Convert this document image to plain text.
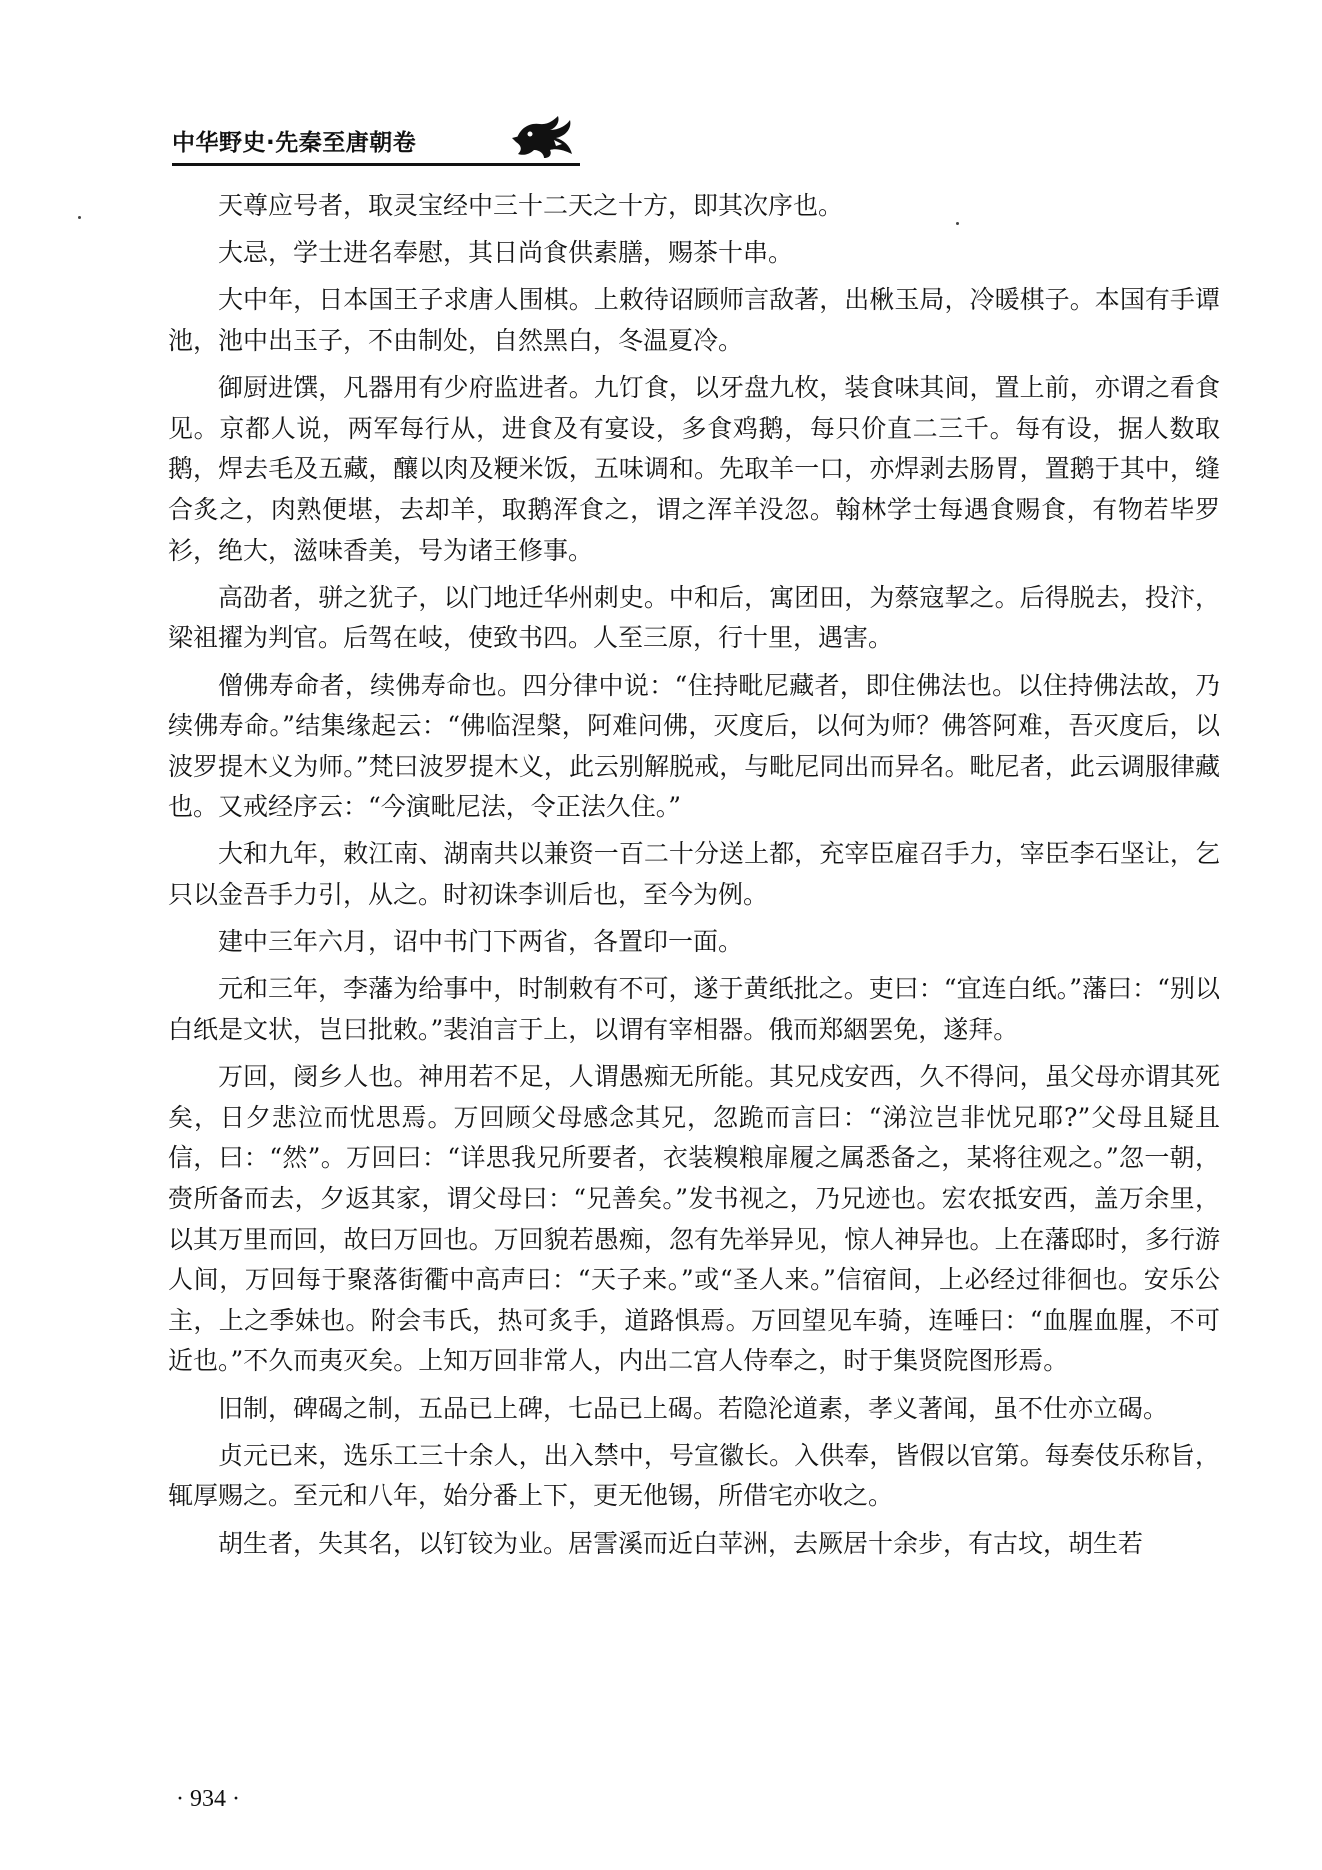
中华野史·先秦至唐朝卷

天尊应号者，取灵宝经中三十二天之十方，即其次序也。

大忌，学士进名奉慰，其日尚食供素膳，赐茶十串。

大中年，日本国王子求唐人围棋。上敕待诏顾师言敌著，出楸玉局，冷暖棋子。本国有手谭池，池中出玉子，不由制处，自然黑白，冬温夏冷。

御厨进馔，凡器用有少府监进者。九饤食，以牙盘九枚，装食味其间，置上前，亦谓之看食见。京都人说，两军每行从，进食及有宴设，多食鸡鹅，每只价直二三千。每有设，据人数取鹅，焊去毛及五藏，釀以肉及粳米饭，五味调和。先取羊一口，亦焊剥去肠胃，置鹅于其中，缝合炙之，肉熟便堪，去却羊，取鹅浑食之，谓之浑羊没忽。翰林学士每遇食赐食，有物若毕罗衫，绝大，滋味香美，号为诸王修事。

高劭者，骈之犹子，以门地迁华州刺史。中和后，寓团田，为蔡寇挈之。后得脱去，投汴，梁祖擢为判官。后驾在岐，使致书四。人至三原，行十里，遇害。

僧佛寿命者，续佛寿命也。四分律中说：“住持毗尼藏者，即住佛法也。以住持佛法故，乃续佛寿命。”结集缘起云：“佛临涅槃，阿难问佛，灭度后，以何为师？佛答阿难，吾灭度后，以波罗提木义为师。”梵曰波罗提木义，此云别解脱戒，与毗尼同出而异名。毗尼者，此云调服律藏也。又戒经序云：“今演毗尼法，令正法久住。”

大和九年，敕江南、湖南共以兼资一百二十分送上都，充宰臣雇召手力，宰臣李石坚让，乞只以金吾手力引，从之。时初诛李训后也，至今为例。

建中三年六月，诏中书门下两省，各置印一面。

元和三年，李藩为给事中，时制敕有不可，遂于黄纸批之。吏曰：“宜连白纸。”藩曰：“别以白纸是文状，岂曰批敕。”裴洎言于上，以谓有宰相器。俄而郑絪罢免，遂拜。

万回，阌乡人也。神用若不足，人谓愚痴无所能。其兄戍安西，久不得问，虽父母亦谓其死矣，日夕悲泣而忧思焉。万回顾父母感念其兄，忽跪而言曰：“涕泣岂非忧兄耶?”父母且疑且信，曰：“然”。万回曰：“详思我兄所要者，衣装糗粮扉履之属悉备之，某将往观之。”忽一朝，赍所备而去，夕返其家，谓父母曰：“兄善矣。”发书视之，乃兄迹也。宏农抵安西，盖万余里，以其万里而回，故曰万回也。万回貌若愚痴，忽有先举异见，惊人神异也。上在藩邸时，多行游人间，万回每于聚落街衢中高声曰：“天子来。”或“圣人来。”信宿间，上必经过徘徊也。安乐公主，上之季妹也。附会韦氏，热可炙手，道路惧焉。万回望见车骑，连唾曰：“血腥血腥，不可近也。”不久而夷灭矣。上知万回非常人，内出二宫人侍奉之，时于集贤院图形焉。

旧制，碑碣之制，五品已上碑，七品已上碣。若隐沦道素，孝义著闻，虽不仕亦立碣。

贞元已来，选乐工三十余人，出入禁中，号宣徽长。入供奉，皆假以官第。每奏伎乐称旨，辄厚赐之。至元和八年，始分番上下，更无他锡，所借宅亦收之。

胡生者，失其名，以钉铰为业。居霅溪而近白苹洲，去厥居十余步，有古坟，胡生若

· 934 ·
